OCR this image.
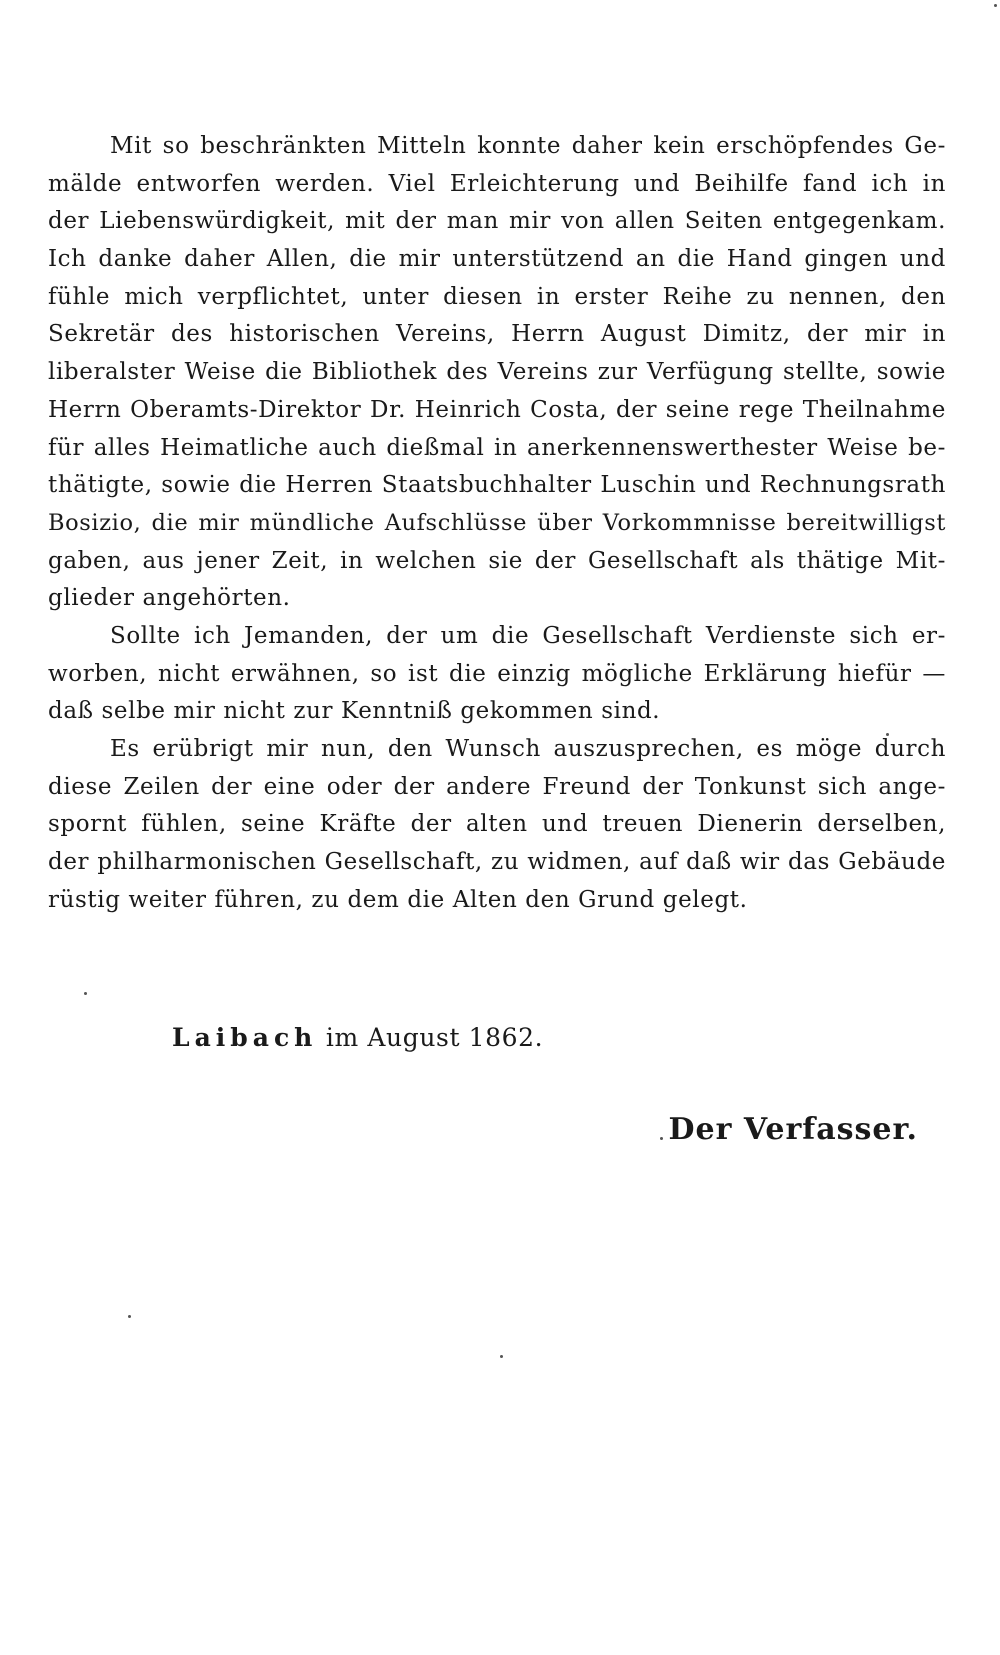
Mit so beschränkten Mitteln konnte daher kein erschöpfendes Ge-
mälde entworfen werden. Viel Erleichterung und Beihilfe fand ich in
der Liebenswürdigkeit, mit der man mir von allen Seiten entgegenkam.
Ich danke daher Allen, die mir unterstützend an die Hand gingen und
fühle mich verpflichtet, unter diesen in erster Reihe zu nennen, den
Sekretär des historischen Vereins, Herrn August Dimitz, der mir in
liberalster Weise die Bibliothek des Vereins zur Verfügung stellte, sowie
Herrn Oberamts-Direktor Dr. Heinrich Costa, der seine rege Theilnahme
für alles Heimatliche auch dießmal in anerkennenswerthester Weise be-
thätigte, sowie die Herren Staatsbuchhalter Luschin und Rechnungsrath
Bosizio, die mir mündliche Aufschlüsse über Vorkommnisse bereitwilligst
gaben, aus jener Zeit, in welchen sie der Gesellschaft als thätige Mit-
glieder angehörten.
Sollte ich Jemanden, der um die Gesellschaft Verdienste sich er-
worben, nicht erwähnen, so ist die einzig mögliche Erklärung hiefür —
daß selbe mir nicht zur Kenntniß gekommen sind.
Es erübrigt mir nun, den Wunsch auszusprechen, es möge durch
diese Zeilen der eine oder der andere Freund der Tonkunst sich ange-
spornt fühlen, seine Kräfte der alten und treuen Dienerin derselben,
der philharmonischen Gesellschaft, zu widmen, auf daß wir das Gebäude
rüstig weiter führen, zu dem die Alten den Grund gelegt.
Laibach im August 1862.
Der Verfasser.
